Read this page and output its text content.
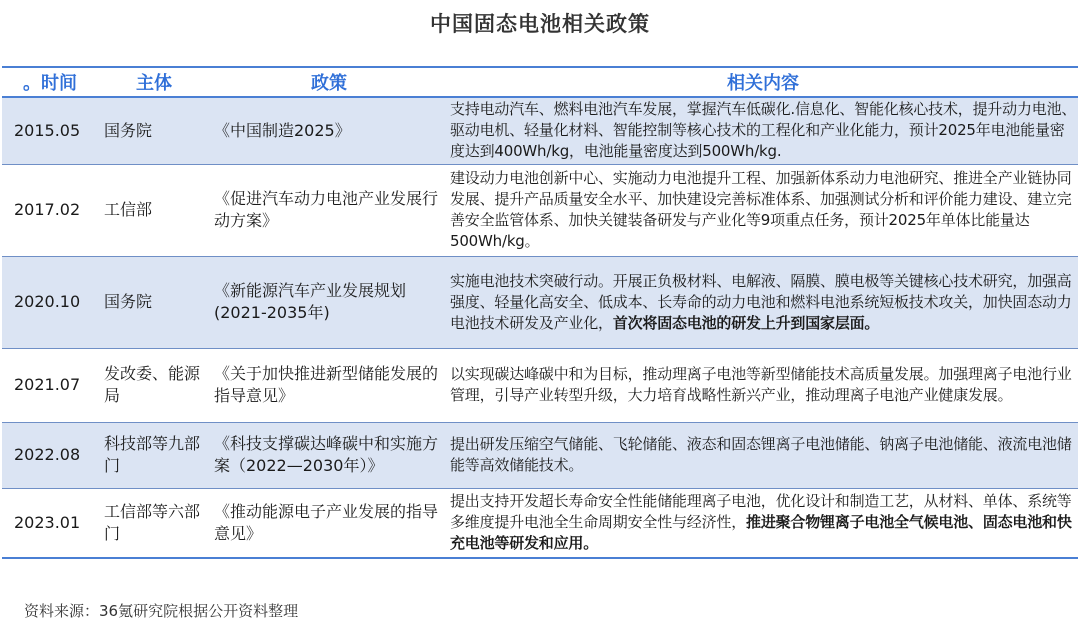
中国固态电池相关政策
。时间	主体	政策	相关内容
2015.05	国务院	《中国制造2025》	支持电动汽车、燃料电池汽车发展，掌握汽车低碳化.信息化、智能化核心技术，提升动力电池、驱动电机、轻量化材料、智能控制等核心技术的工程化和产业化能力，预计2025年电池能量密度达到400Wh/kg，电池能量密度达到500Wh/kg.
2017.02	工信部	《促进汽车动力电池产业发展行动方案》	建设动力电池创新中心、实施动力电池提升工程、加强新体系动力电池研究、推进全产业链协同发展、提升产品质量安全水平、加快建设完善标准体系、加强测试分析和评价能力建设、建立完善安全监管体系、加快关键装备研发与产业化等9项重点任务，预计2025年单体比能量达500Wh/kg。
2020.10	国务院	《新能源汽车产业发展规划(2021-2035年)	实施电池技术突破行动。开展正负极材料、电解液、隔膜、膜电极等关键核心技术研究，加强高强度、轻量化高安全、低成本、长寿命的动力电池和燃料电池系统短板技术攻关，加快固态动力电池技术研发及产业化，首次将固态电池的研发上升到国家层面。
2021.07	发改委、能源局	《关于加快推进新型储能发展的指导意见》	以实现碳达峰碳中和为目标，推动理离子电池等新型储能技术高质量发展。加强理离子电池行业管理，引导产业转型升级，大力培育战略性新兴产业，推动理离子电池产业健康发展。
2022.08	科技部等九部门	《科技支撑碳达峰碳中和实施方案（2022—2030年）》	提出研发压缩空气储能、飞轮储能、液态和固态锂离子电池储能、钠离子电池储能、液流电池储能等高效储能技术。
2023.01	工信部等六部门	《推动能源电子产业发展的指导意见》	提出支持开发超长寿命安全性能储能理离子电池，优化设计和制造工艺，从材料、单体、系统等多维度提升电池全生命周期安全性与经济性，推进聚合物锂离子电池全气候电池、固态电池和快充电池等研发和应用。
资料来源：36氪研究院根据公开资料整理
